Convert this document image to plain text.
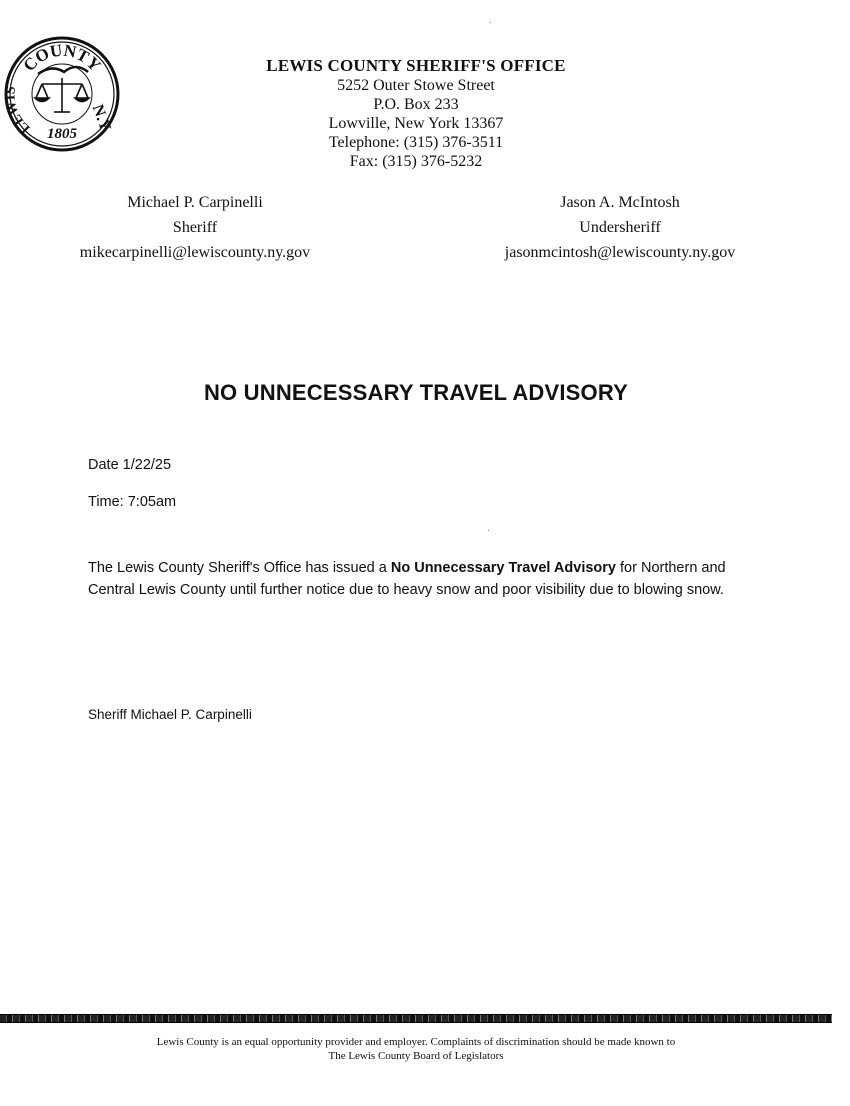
COUNTY
LEWIS
N.Y.
1805
LEWIS COUNTY SHERIFF'S OFFICE
5252 Outer Stowe Street
P.O. Box 233
Lowville, New York 13367
Telephone: (315) 376-3511
Fax: (315) 376-5232
Michael P. Carpinelli
Sheriff
mikecarpinelli@lewiscounty.ny.gov
Jason A. McIntosh
Undersheriff
jasonmcintosh@lewiscounty.ny.gov
NO UNNECESSARY TRAVEL ADVISORY
Date 1/22/25
Time: 7:05am
The Lewis County Sheriff's Office has issued a No Unnecessary Travel Advisory for Northern and Central Lewis County until further notice due to heavy snow and poor visibility due to blowing snow.
Sheriff Michael P. Carpinelli
Lewis County is an equal opportunity provider and employer. Complaints of discrimination should be made known to
The Lewis County Board of Legislators
